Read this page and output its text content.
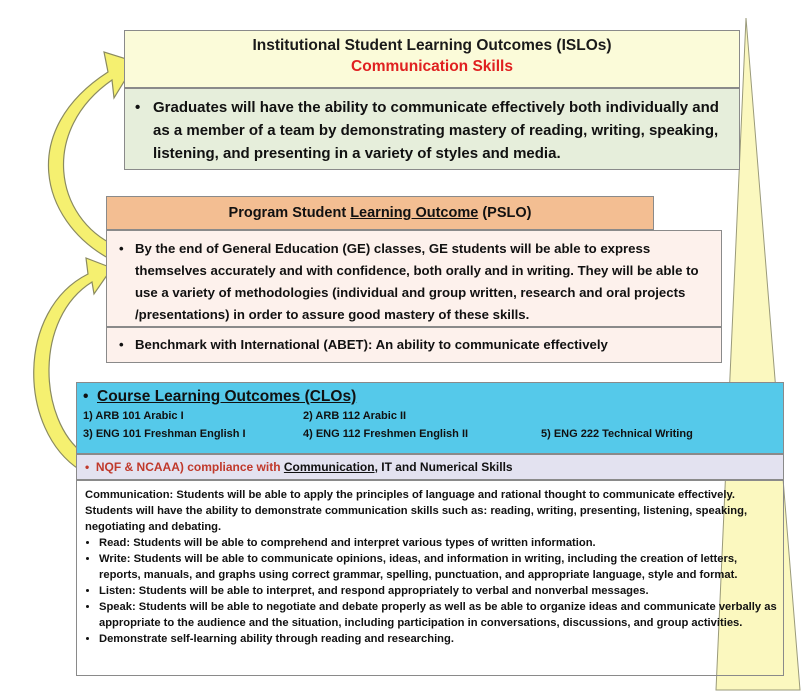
Institutional Student Learning Outcomes (ISLOs)
Communication Skills
• Graduates will have the ability to communicate effectively both individually and as a member of a team by demonstrating mastery of reading, writing, speaking, listening, and presenting in a variety of styles and media.
Program Student Learning Outcome (PSLO)
• By the end of General Education (GE) classes, GE students will be able to express themselves accurately and with confidence, both orally and in writing. They will be able to use a variety of methodologies (individual and group written, research and oral projects /presentations) in order to assure good mastery of these skills.
• Benchmark with International (ABET): An ability to communicate effectively
• Course Learning Outcomes (CLOs)
1) ARB 101 Arabic I	2) ARB 112 Arabic II
3) ENG 101 Freshman English I	4) ENG 112 Freshmen English II	5) ENG 222 Technical Writing
•  NQF & NCAAA) compliance with Communication, IT and Numerical Skills
Communication: Students will be able to apply the principles of language and rational thought to communicate effectively. Students will have the ability to demonstrate communication skills such as: reading, writing, presenting, listening, speaking, negotiating and debating.
• Read: Students will be able to comprehend and interpret various types of written information.
• Write: Students will be able to communicate opinions, ideas, and information in writing, including the creation of letters, reports, manuals, and graphs using correct grammar, spelling, punctuation, and appropriate language, style and format.
• Listen: Students will be able to interpret, and respond appropriately to verbal and nonverbal messages.
• Speak: Students will be able to negotiate and debate properly as well as be able to organize ideas and communicate verbally as appropriate to the audience and the situation, including participation in conversations, discussions, and group activities.
• Demonstrate self-learning ability through reading and researching.
